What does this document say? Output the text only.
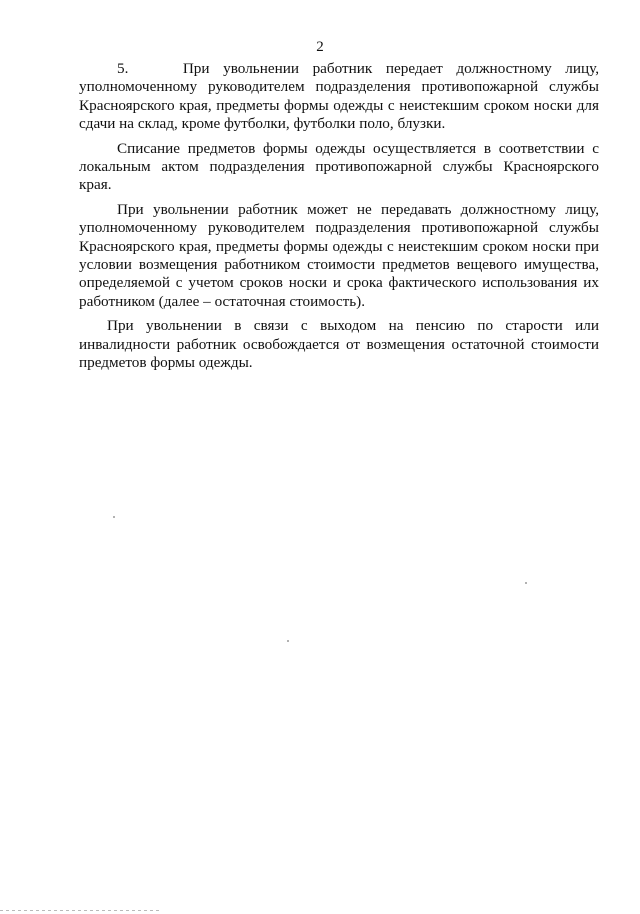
2

5.    При увольнении работник передает должностному лицу, уполномоченному руководителем подразделения противопожарной службы Красноярского края, предметы формы одежды с неистекшим сроком носки для сдачи на склад, кроме футболки, футболки поло, блузки.

Списание предметов формы одежды осуществляется в соответствии с локальным актом подразделения противопожарной службы Красноярского края.

При увольнении работник может не передавать должностному лицу, уполномоченному руководителем подразделения противопожарной службы Красноярского края, предметы формы одежды с неистекшим сроком носки при условии возмещения работником стоимости предметов вещевого имущества, определяемой с учетом сроков носки и срока фактического использования их работником (далее – остаточная стоимость).

При увольнении в связи с выходом на пенсию по старости или инвалидности работник освобождается от возмещения остаточной стоимости предметов формы одежды.
